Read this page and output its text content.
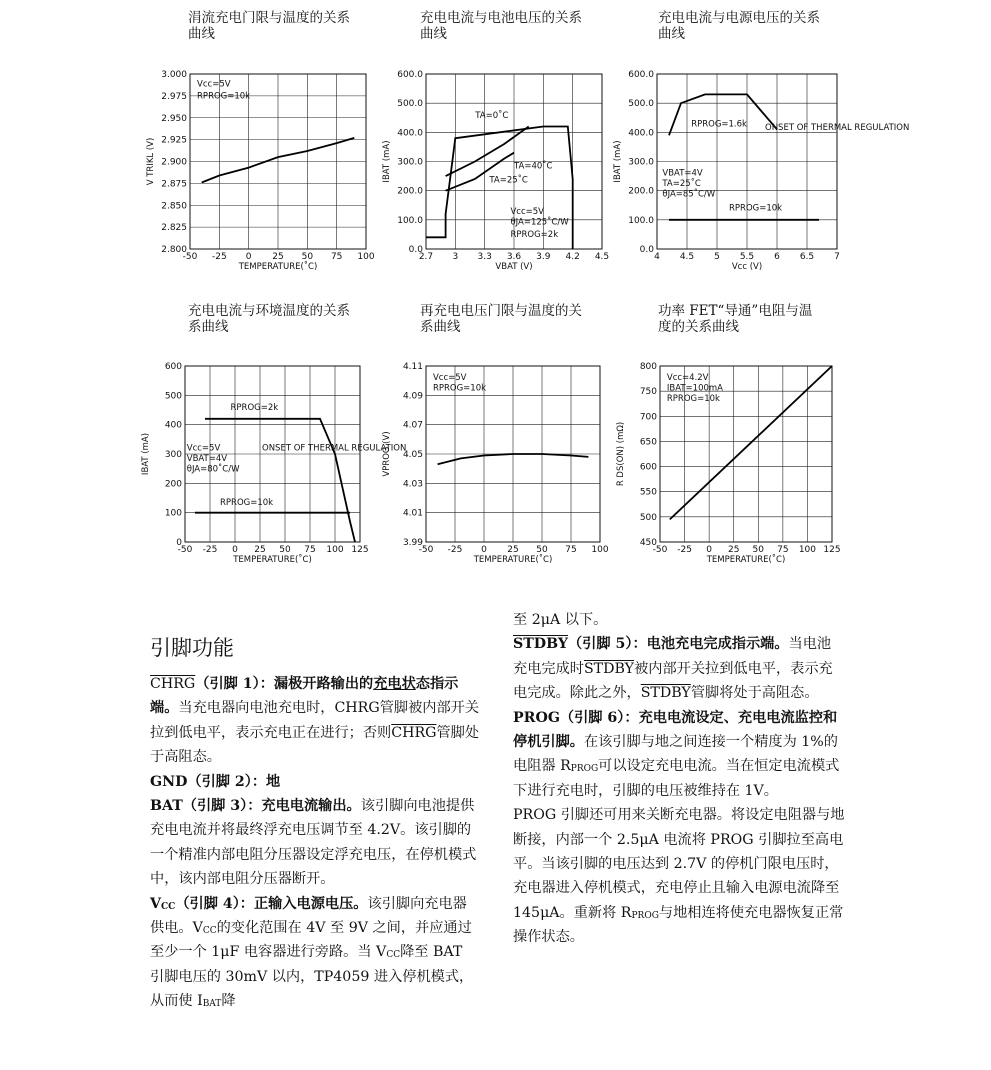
涓流充电门限与温度的关系
曲线
充电电流与电池电压的关系
曲线
充电电流与电源电压的关系
曲线
充电电流与环境温度的关系
系曲线
再充电电压门限与温度的关
系曲线
功率 FET“导通”电阻与温
度的关系曲线
-50 -25 0 25 50 75 100
2.800
2.825
2.850
2.875
2.900
2.925
2.950
2.975
3.000
TEMPERATURE(˚C)
V TRIKL (V)
Vcc=5V
RPROG=10k
2.7 3 3.3 3.6 3.9 4.2 4.5
0.0
100.0
200.0
300.0
400.0
500.0
600.0
VBAT (V)
IBAT (mA)
TA=0˚C
TA=40˚C
TA=25˚C
Vcc=5V
θJA=125˚C/W
RPROG=2k
4 4.5 5 5.5 6 6.5 7
0.0
100.0
200.0
300.0
400.0
500.0
600.0
Vcc (V)
IBAT (mA)
RPROG=1.6k ONSET OF THERMAL REGULATION
VBAT=4V
TA=25˚C
θJA=85˚C/W
RPROG=10k
-50 -25 0 25 50 75 100 125
0
100
200
300
400
500
600
TEMPERATURE(˚C)
IBAT (mA)
RPROG=2k
Vcc=5V
VBAT=4V
θJA=80˚C/W
ONSET OF THERMAL REGULATION
RPROG=10k
-50 -25 0 25 50 75 100
3.99
4.01
4.03
4.05
4.07
4.09
4.11
TEMPERATURE(˚C)
VPROG (V)
Vcc=5V
RPROG=10k
-50 -25 0 25 50 75 100 125
450
500
550
600
650
700
750
800
TEMPERATURE(˚C)
R DS(ON) (mΩ)
Vcc=4.2V
IBAT=100mA
RPROG=10k
引脚功能

CHRG（引脚 1）：漏极开路输出的充电状态指示端。当充电器向电池充电时，CHRG管脚被内部开关拉到低电平，表示充电正在进行；否则CHRG管脚处于高阻态。

GND（引脚 2）：地

BAT（引脚 3）：充电电流输出。该引脚向电池提供充电电流并将最终浮充电压调节至 4.2V。该引脚的一个精准内部电阻分压器设定浮充电压，在停机模式中，该内部电阻分压器断开。

$V_{CC}$（引脚 4）：正输入电源电压。该引脚向充电器供电。$V_{CC}$的变化范围在 4V 至 9V 之间，并应通过至少一个 1μF 电容器进行旁路。当 $V_{CC}$降至 BAT 引脚电压的 30mV 以内，TP4059 进入停机模式，从而使 $I_{BAT}$降

至 2μA 以下。

STDBY（引脚 5）：电池充电完成指示端。当电池充电完成时STDBY被内部开关拉到低电平，表示充电完成。除此之外，STDBY管脚将处于高阻态。

PROG（引脚 6）：充电电流设定、充电电流监控和停机引脚。在该引脚与地之间连接一个精度为 1%的电阻器 $R_{PROG}$可以设定充电电流。当在恒定电流模式下进行充电时，引脚的电压被维持在 1V。

PROG 引脚还可用来关断充电器。将设定电阻器与地断接，内部一个 2.5μA 电流将 PROG 引脚拉至高电平。当该引脚的电压达到 2.7V 的停机门限电压时，充电器进入停机模式，充电停止且输入电源电流降至 145μA。重新将 $R_{PROG}$与地相连将使充电器恢复正常操作状态。
